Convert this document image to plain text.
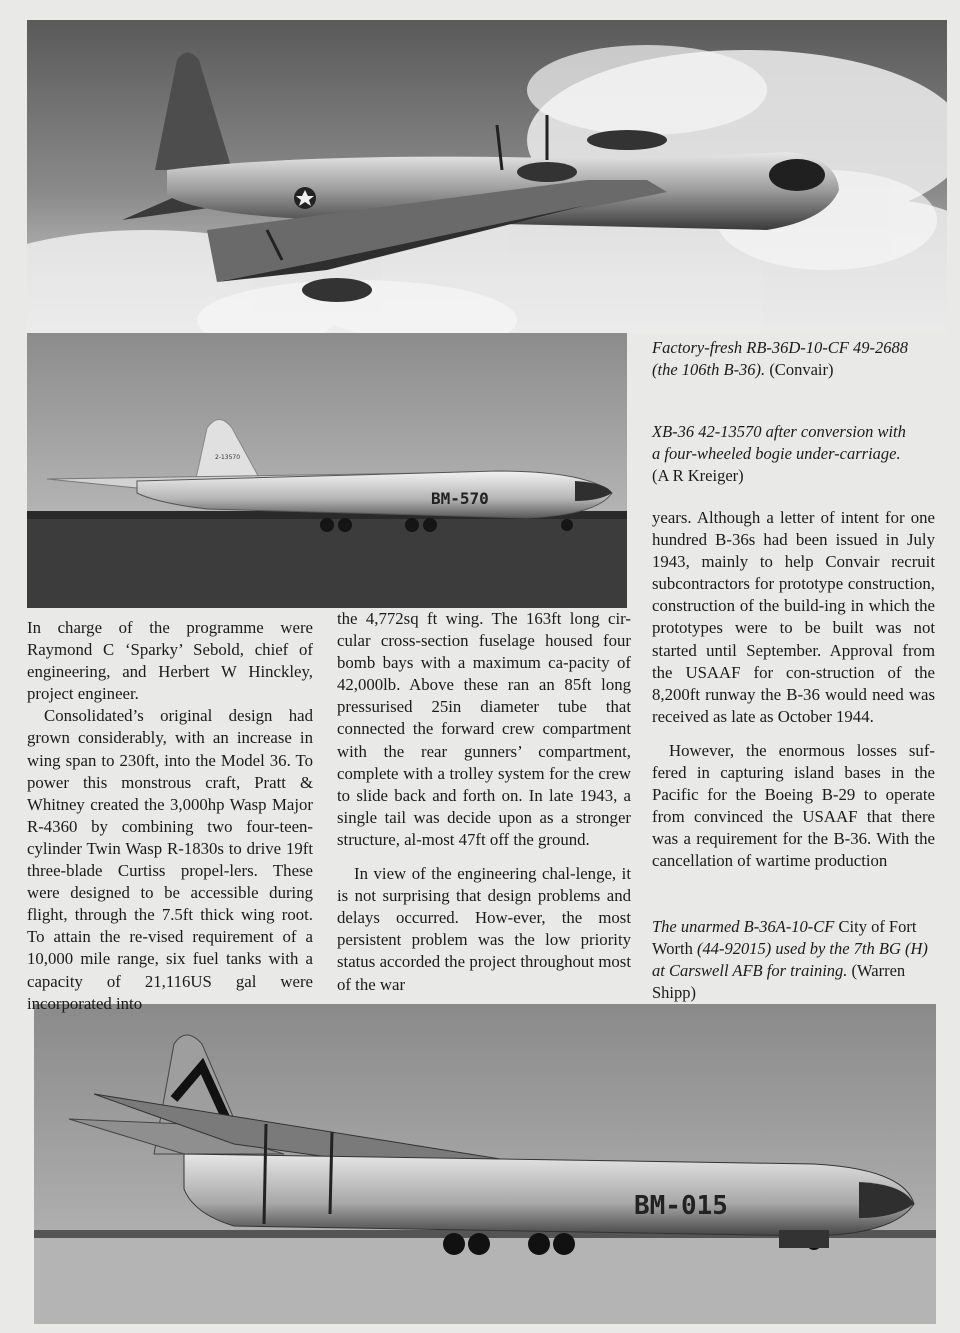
2-13570
BM-570
BM-015
Factory-fresh RB-36D-10-CF 49-2688 (the 106th B-36). (Convair)
XB-36 42-13570 after conversion with a four-wheeled bogie under-carriage. (A R Kreiger)
The unarmed B-36A-10-CF City of Fort Worth (44-92015) used by the 7th BG (H) at Carswell AFB for training. (Warren Shipp)

In charge of the programme were Raymond C ‘Sparky’ Sebold, chief of engineering, and Herbert W Hinckley, project engineer.

Consolidated’s original design had grown considerably, with an increase in wing span to 230ft, into the Model 36. To power this monstrous craft, Pratt & Whitney created the 3,000hp Wasp Major R-4360 by combining two four-teen-cylinder Twin Wasp R-1830s to drive 19ft three-blade Curtiss propel-lers. These were designed to be accessible during flight, through the 7.5ft thick wing root. To attain the re-vised requirement of a 10,000 mile range, six fuel tanks with a capacity of 21,116US gal were incorporated into

the 4,772sq ft wing. The 163ft long cir-cular cross-section fuselage housed four bomb bays with a maximum ca-pacity of 42,000lb. Above these ran an 85ft long pressurised 25in diameter tube that connected the forward crew compartment with the rear gunners’ compartment, complete with a trolley system for the crew to slide back and forth on. In late 1943, a single tail was decide upon as a stronger structure, al-most 47ft off the ground.

In view of the engineering chal-lenge, it is not surprising that design problems and delays occurred. How-ever, the most persistent problem was the low priority status accorded the project throughout most of the war

years. Although a letter of intent for one hundred B-36s had been issued in July 1943, mainly to help Convair recruit subcontractors for prototype construction, construction of the build-ing in which the prototypes were to be built was not started until September. Approval from the USAAF for con-struction of the 8,200ft runway the B-36 would need was received as late as October 1944.

However, the enormous losses suf-fered in capturing island bases in the Pacific for the Boeing B-29 to operate from convinced the USAAF that there was a requirement for the B-36. With the cancellation of wartime production
